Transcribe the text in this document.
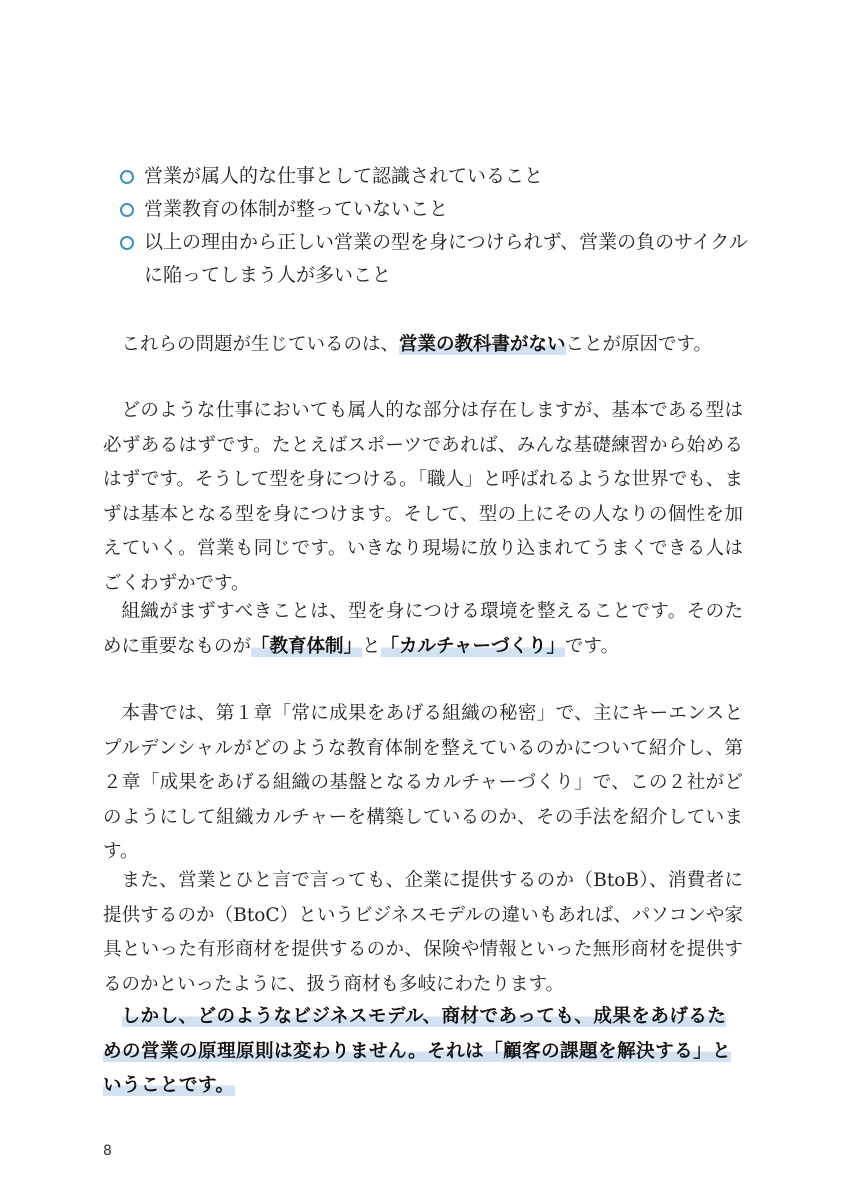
営業が属人的な仕事として認識されていること
営業教育の体制が整っていないこと
以上の理由から正しい営業の型を身につけられず、営業の負のサイクルに陥ってしまう人が多いこと

これらの問題が生じているのは、営業の教科書がないことが原因です。

どのような仕事においても属人的な部分は存在しますが、基本である型は必ずあるはずです。たとえばスポーツであれば、みんな基礎練習から始めるはずです。そうして型を身につける。「職人」と呼ばれるような世界でも、まずは基本となる型を身につけます。そして、型の上にその人なりの個性を加えていく。営業も同じです。いきなり現場に放り込まれてうまくできる人はごくわずかです。

組織がまずすべきことは、型を身につける環境を整えることです。そのために重要なものが「教育体制」と「カルチャーづくり」です。

本書では、第１章「常に成果をあげる組織の秘密」で、主にキーエンスとプルデンシャルがどのような教育体制を整えているのかについて紹介し、第２章「成果をあげる組織の基盤となるカルチャーづくり」で、この２社がどのようにして組織カルチャーを構築しているのか、その手法を紹介しています。

また、営業とひと言で言っても、企業に提供するのか（BtoB）、消費者に提供するのか（BtoC）というビジネスモデルの違いもあれば、パソコンや家具といった有形商材を提供するのか、保険や情報といった無形商材を提供するのかといったように、扱う商材も多岐にわたります。

しかし、どのようなビジネスモデル、商材であっても、成果をあげるための営業の原理原則は変わりません。それは「顧客の課題を解決する」ということです。

8
